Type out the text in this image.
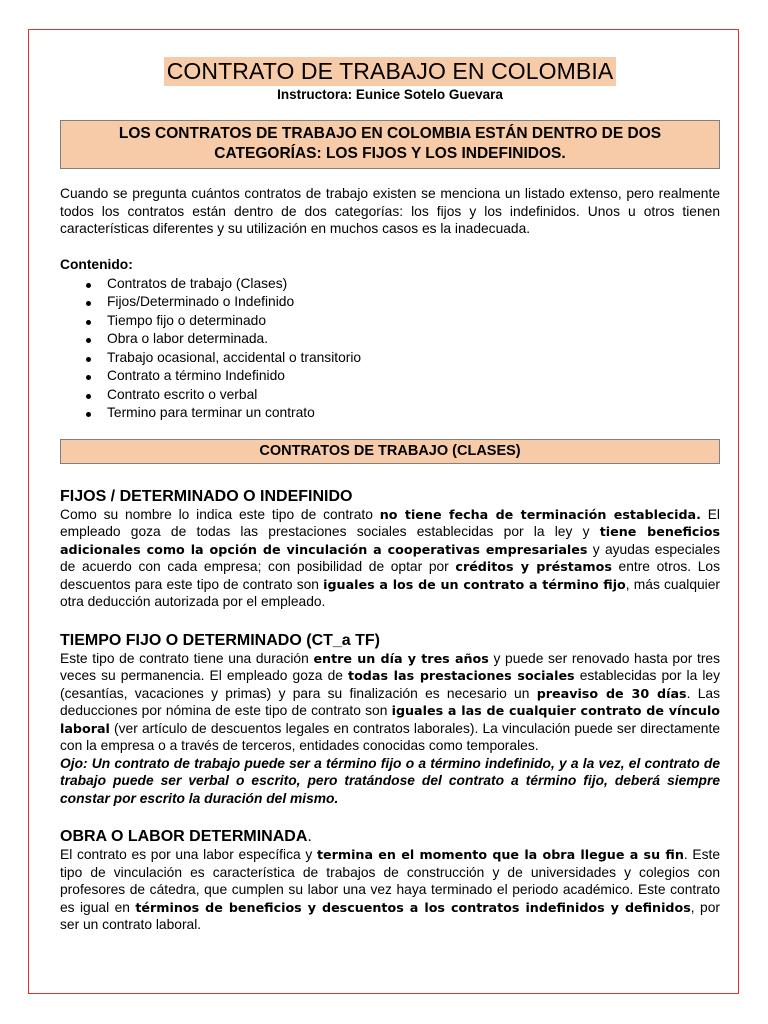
CONTRATO DE TRABAJO EN COLOMBIA
Instructora: Eunice Sotelo Guevara
LOS CONTRATOS DE TRABAJO EN COLOMBIA ESTÁN DENTRO DE DOS CATEGORÍAS: LOS FIJOS Y LOS INDEFINIDOS.

Cuando se pregunta cuántos contratos de trabajo existen se menciona un listado extenso, pero realmente todos los contratos están dentro de dos categorías: los fijos y los indefinidos. Unos u otros tienen características diferentes y su utilización en muchos casos es la inadecuada.

Contenido:
Contratos de trabajo (Clases)
Fijos/Determinado o Indefinido
Tiempo fijo o determinado
Obra o labor determinada.
Trabajo ocasional, accidental o transitorio
Contrato a término Indefinido
Contrato escrito o verbal
Termino para terminar un contrato
CONTRATOS DE TRABAJO (CLASES)
FIJOS / DETERMINADO O INDEFINIDO

Como su nombre lo indica este tipo de contrato no tiene fecha de terminación establecida. El empleado goza de todas las prestaciones sociales establecidas por la ley y tiene beneficios adicionales como la opción de vinculación a cooperativas empresariales y ayudas especiales de acuerdo con cada empresa; con posibilidad de optar por créditos y préstamos entre otros. Los descuentos para este tipo de contrato son iguales a los de un contrato a término fijo, más cualquier otra deducción autorizada por el empleado.

TIEMPO FIJO O DETERMINADO (CT_a TF)

Este tipo de contrato tiene una duración entre un día y tres años y puede ser renovado hasta por tres veces su permanencia. El empleado goza de todas las prestaciones sociales establecidas por la ley (cesantías, vacaciones y primas) y para su finalización es necesario un preaviso de 30 días. Las deducciones por nómina de este tipo de contrato son iguales a las de cualquier contrato de vínculo laboral (ver artículo de descuentos legales en contratos laborales). La vinculación puede ser directamente con la empresa o a través de terceros, entidades conocidas como temporales.

Ojo: Un contrato de trabajo puede ser a término fijo o a término indefinido, y a la vez, el contrato de trabajo puede ser verbal o escrito, pero tratándose del contrato a término fijo, deberá siempre constar por escrito la duración del mismo.

OBRA O LABOR DETERMINADA.

El contrato es por una labor específica y termina en el momento que la obra llegue a su fin. Este tipo de vinculación es característica de trabajos de construcción y de universidades y colegios con profesores de cátedra, que cumplen su labor una vez haya terminado el periodo académico. Este contrato es igual en términos de beneficios y descuentos a los contratos indefinidos y definidos, por ser un contrato laboral.
